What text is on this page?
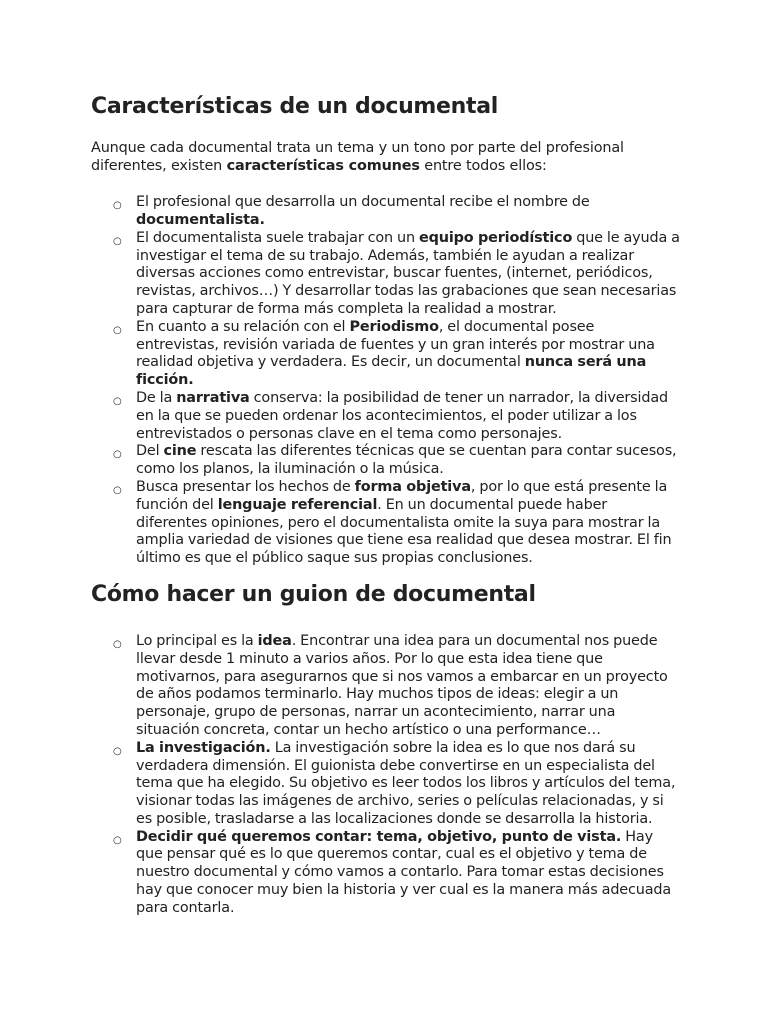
Características de un documental

Aunque cada documental trata un tema y un tono por parte del profesional diferentes, existen características comunes entre todos ellos:

○ El profesional que desarrolla un documental recibe el nombre de documentalista.
○ El documentalista suele trabajar con un equipo periodístico que le ayuda a investigar el tema de su trabajo. Además, también le ayudan a realizar diversas acciones como entrevistar, buscar fuentes, (internet, periódicos, revistas, archivos…) Y desarrollar todas las grabaciones que sean necesarias para capturar de forma más completa la realidad a mostrar.
○ En cuanto a su relación con el Periodismo, el documental posee entrevistas, revisión variada de fuentes y un gran interés por mostrar una realidad objetiva y verdadera. Es decir, un documental nunca será una ficción.
○ De la narrativa conserva: la posibilidad de tener un narrador, la diversidad en la que se pueden ordenar los acontecimientos, el poder utilizar a los entrevistados o personas clave en el tema como personajes.
○ Del cine rescata las diferentes técnicas que se cuentan para contar sucesos, como los planos, la iluminación o la música.
○ Busca presentar los hechos de forma objetiva, por lo que está presente la función del lenguaje referencial. En un documental puede haber diferentes opiniones, pero el documentalista omite la suya para mostrar la amplia variedad de visiones que tiene esa realidad que desea mostrar. El fin último es que el público saque sus propias conclusiones.
Cómo hacer un guion de documental
○ Lo principal es la idea. Encontrar una idea para un documental nos puede llevar desde 1 minuto a varios años. Por lo que esta idea tiene que motivarnos, para asegurarnos que si nos vamos a embarcar en un proyecto de años podamos terminarlo. Hay muchos tipos de ideas: elegir a un personaje, grupo de personas, narrar un acontecimiento, narrar una situación concreta, contar un hecho artístico o una performance…
○ La investigación. La investigación sobre la idea es lo que nos dará su verdadera dimensión. El guionista debe convertirse en un especialista del tema que ha elegido. Su objetivo es leer todos los libros y artículos del tema, visionar todas las imágenes de archivo, series o películas relacionadas, y si es posible, trasladarse a las localizaciones donde se desarrolla la historia.
○ Decidir qué queremos contar: tema, objetivo, punto de vista. Hay que pensar qué es lo que queremos contar, cual es el objetivo y tema de nuestro documental y cómo vamos a contarlo. Para tomar estas decisiones hay que conocer muy bien la historia y ver cual es la manera más adecuada para contarla.
